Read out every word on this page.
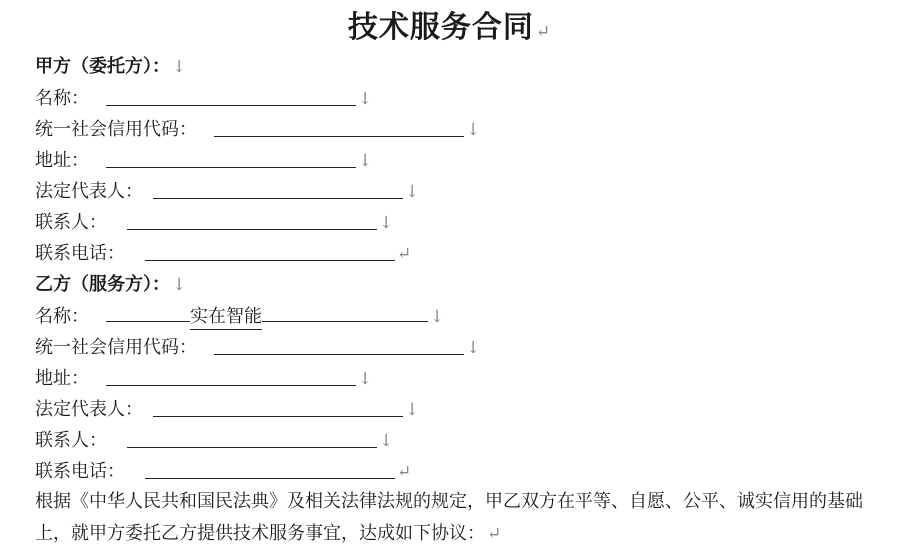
技术服务合同 ↵
甲方（委托方）： ↓
名称：	↓
统一社会信用代码：	↓
地址：	↓
法定代表人：	↓
联系人：	↓
联系电话：	↵
乙方（服务方）： ↓
名称：	实在智能	↓
统一社会信用代码：	↓
地址：	↓
法定代表人：	↓
联系人：	↓
联系电话：	↵
根据《中华人民共和国民法典》及相关法律法规的规定，甲乙双方在平等、自愿、公平、诚实信用的基础上，就甲方委托乙方提供技术服务事宜，达成如下协议： ↵
